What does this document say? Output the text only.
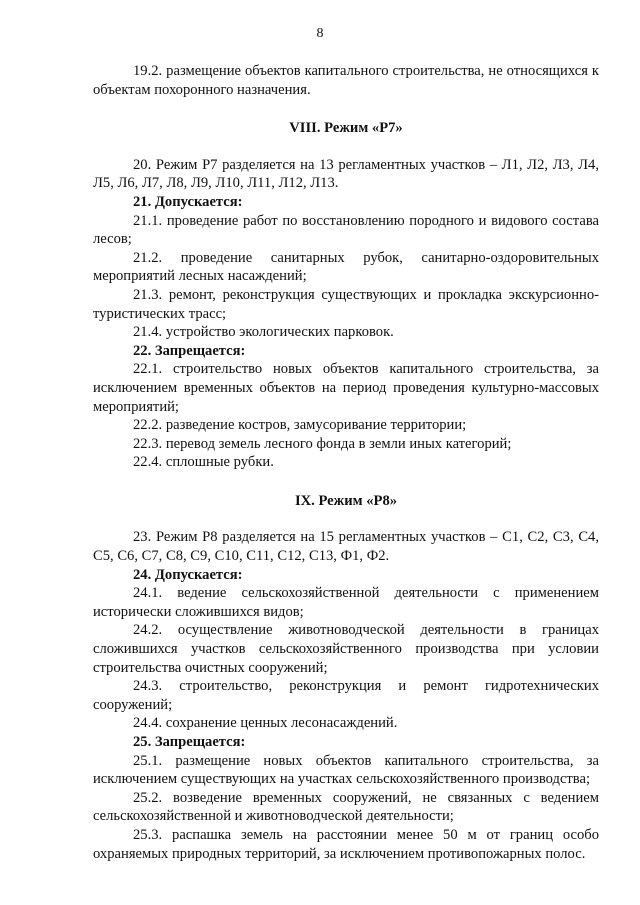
8

19.2. размещение объектов капитального строительства, не относящихся к объектам похоронного назначения.

VIII. Режим «Р7»

20. Режим Р7 разделяется на 13 регламентных участков – Л1, Л2, Л3, Л4, Л5, Л6, Л7, Л8, Л9, Л10, Л11, Л12, Л13.

21. Допускается:

21.1. проведение работ по восстановлению породного и видового состава лесов;

21.2. проведение санитарных рубок, санитарно-оздоровительных мероприятий лесных насаждений;

21.3. ремонт, реконструкция существующих и прокладка экскурсионно-туристических трасс;

21.4. устройство экологических парковок.

22. Запрещается:

22.1. строительство новых объектов капитального строительства, за исключением временных объектов на период проведения культурно-массовых мероприятий;

22.2. разведение костров, замусоривание территории;

22.3. перевод земель лесного фонда в земли иных категорий;

22.4. сплошные рубки.

IX. Режим «Р8»

23. Режим Р8 разделяется на 15 регламентных участков – С1, С2, С3, С4, С5, С6, С7, С8, С9, С10, С11, С12, С13, Ф1, Ф2.

24. Допускается:

24.1. ведение сельскохозяйственной деятельности с применением исторически сложившихся видов;

24.2. осуществление животноводческой деятельности в границах сложившихся участков сельскохозяйственного производства при условии строительства очистных сооружений;

24.3. строительство, реконструкция и ремонт гидротехнических сооружений;

24.4. сохранение ценных лесонасаждений.

25. Запрещается:

25.1. размещение новых объектов капитального строительства, за исключением существующих на участках сельскохозяйственного производства;

25.2. возведение временных сооружений, не связанных с ведением сельскохозяйственной и животноводческой деятельности;

25.3. распашка земель на расстоянии менее 50 м от границ особо охраняемых природных территорий, за исключением противопожарных полос.
